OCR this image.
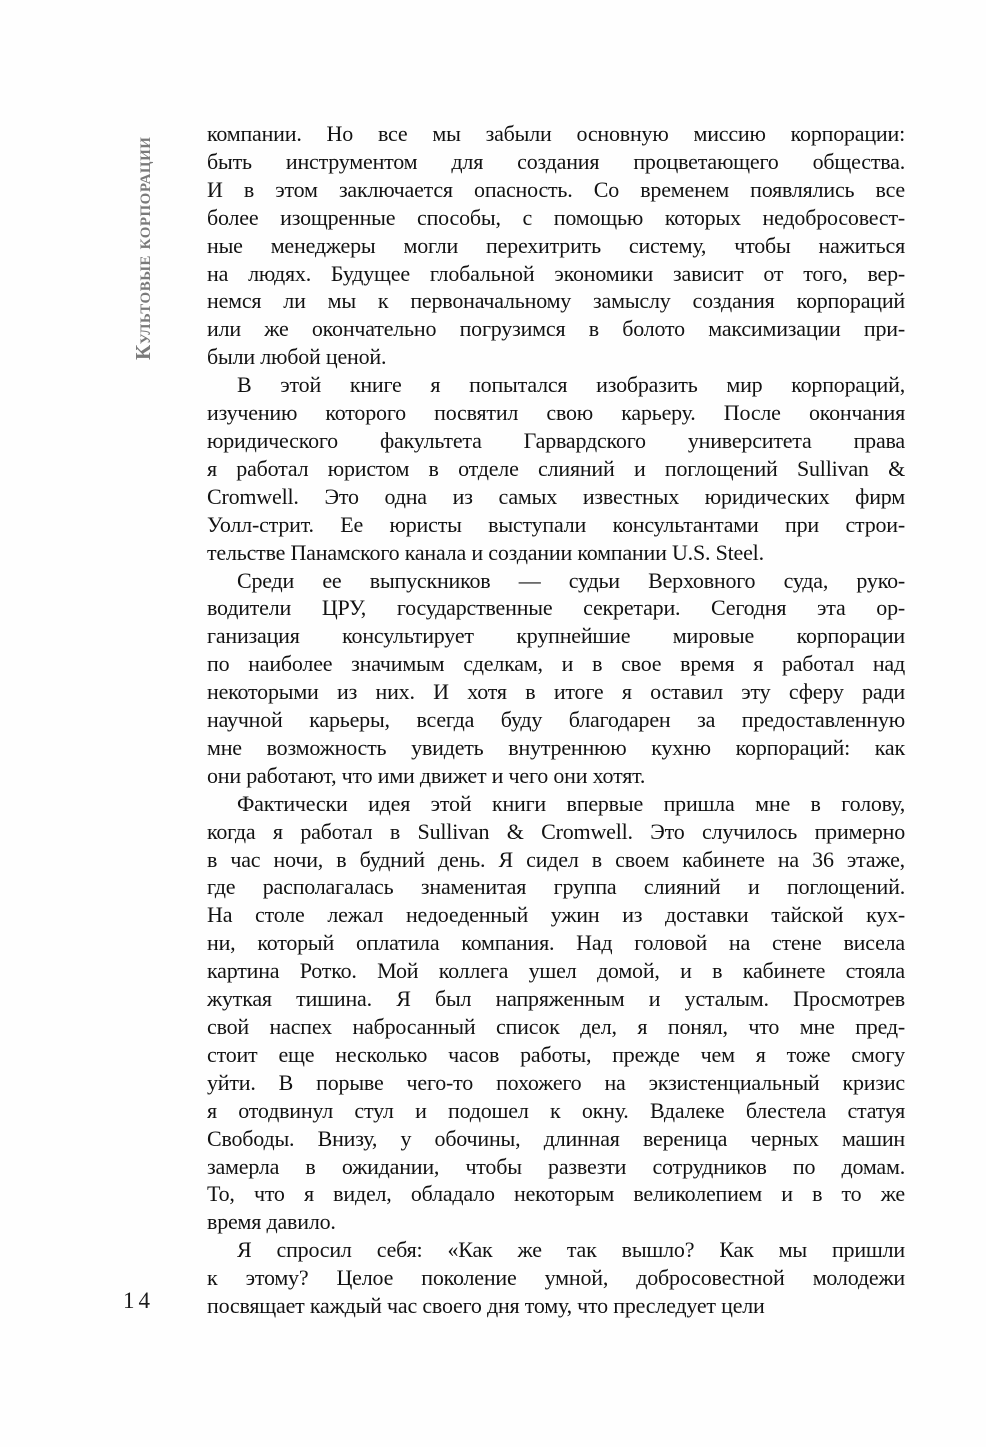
Культовые корпорации
компании. Но все мы забыли основную миссию корпорации:
быть инструментом для создания процветающего общества.
И в этом заключается опасность. Со временем появлялись все
более изощренные способы, с помощью которых недобросовест-
ные менеджеры могли перехитрить систему, чтобы нажиться
на людях. Будущее глобальной экономики зависит от того, вер-
немся ли мы к первоначальному замыслу создания корпораций
или же окончательно погрузимся в болото максимизации при-
были любой ценой.
В этой книге я попытался изобразить мир корпораций,
изучению которого посвятил свою карьеру. После окончания
юридического факультета Гарвардского университета права
я работал юристом в отделе слияний и поглощений Sullivan &
Cromwell. Это одна из самых известных юридических фирм
Уолл-стрит. Ее юристы выступали консультантами при строи-
тельстве Панамского канала и создании компании U.S. Steel.
Среди ее выпускников — судьи Верховного суда, руко-
водители ЦРУ, государственные секретари. Сегодня эта ор-
ганизация консультирует крупнейшие мировые корпорации
по наиболее значимым сделкам, и в свое время я работал над
некоторыми из них. И хотя в итоге я оставил эту сферу ради
научной карьеры, всегда буду благодарен за предоставленную
мне возможность увидеть внутреннюю кухню корпораций: как
они работают, что ими движет и чего они хотят.
Фактически идея этой книги впервые пришла мне в голову,
когда я работал в Sullivan & Cromwell. Это случилось примерно
в час ночи, в будний день. Я сидел в своем кабинете на 36 этаже,
где располагалась знаменитая группа слияний и поглощений.
На столе лежал недоеденный ужин из доставки тайской кух-
ни, который оплатила компания. Над головой на стене висела
картина Ротко. Мой коллега ушел домой, и в кабинете стояла
жуткая тишина. Я был напряженным и усталым. Просмотрев
свой наспех набросанный список дел, я понял, что мне пред-
стоит еще несколько часов работы, прежде чем я тоже смогу
уйти. В порыве чего-то похожего на экзистенциальный кризис
я отодвинул стул и подошел к окну. Вдалеке блестела статуя
Свободы. Внизу, у обочины, длинная вереница черных машин
замерла в ожидании, чтобы развезти сотрудников по домам.
То, что я видел, обладало некоторым великолепием и в то же
время давило.
Я спросил себя: «Как же так вышло? Как мы пришли
к этому? Целое поколение умной, добросовестной молодежи
посвящает каждый час своего дня тому, что преследует цели
14
